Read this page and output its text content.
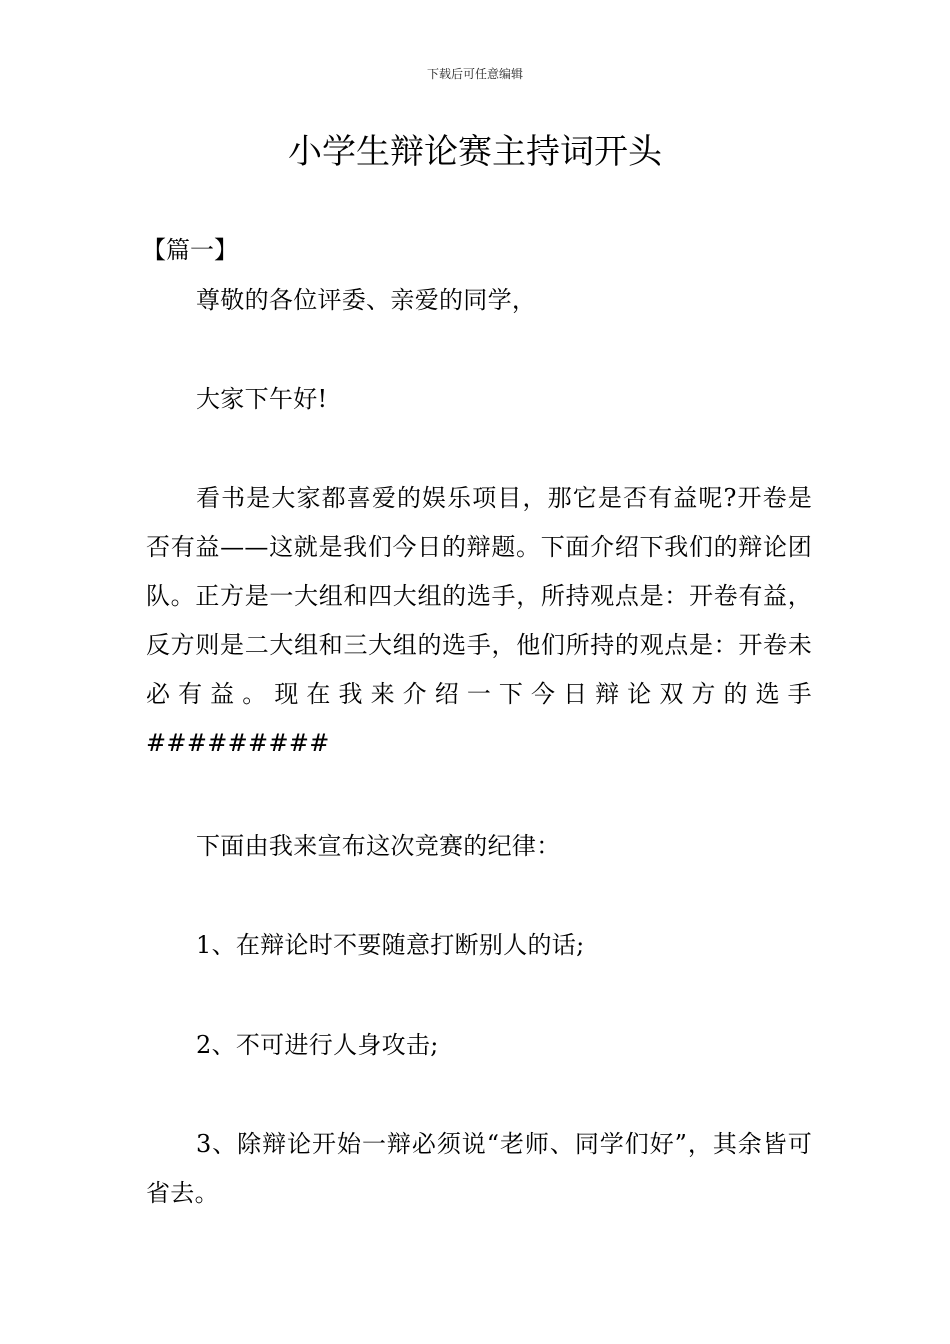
下载后可任意编辑
小学生辩论赛主持词开头
【篇一】

尊敬的各位评委、亲爱的同学，

大家下午好!

看书是大家都喜爱的娱乐项目，那它是否有益呢?开卷是否有益——这就是我们今日的辩题。下面介绍下我们的辩论团队。正方是一大组和四大组的选手，所持观点是：开卷有益，反方则是二大组和三大组的选手，他们所持的观点是：开卷未必有益。现在我来介绍一下今日辩论双方的选手#########

下面由我来宣布这次竞赛的纪律：

1、在辩论时不要随意打断别人的话;

2、不可进行人身攻击;

3、除辩论开始一辩必须说“老师、同学们好”，其余皆可省去。
